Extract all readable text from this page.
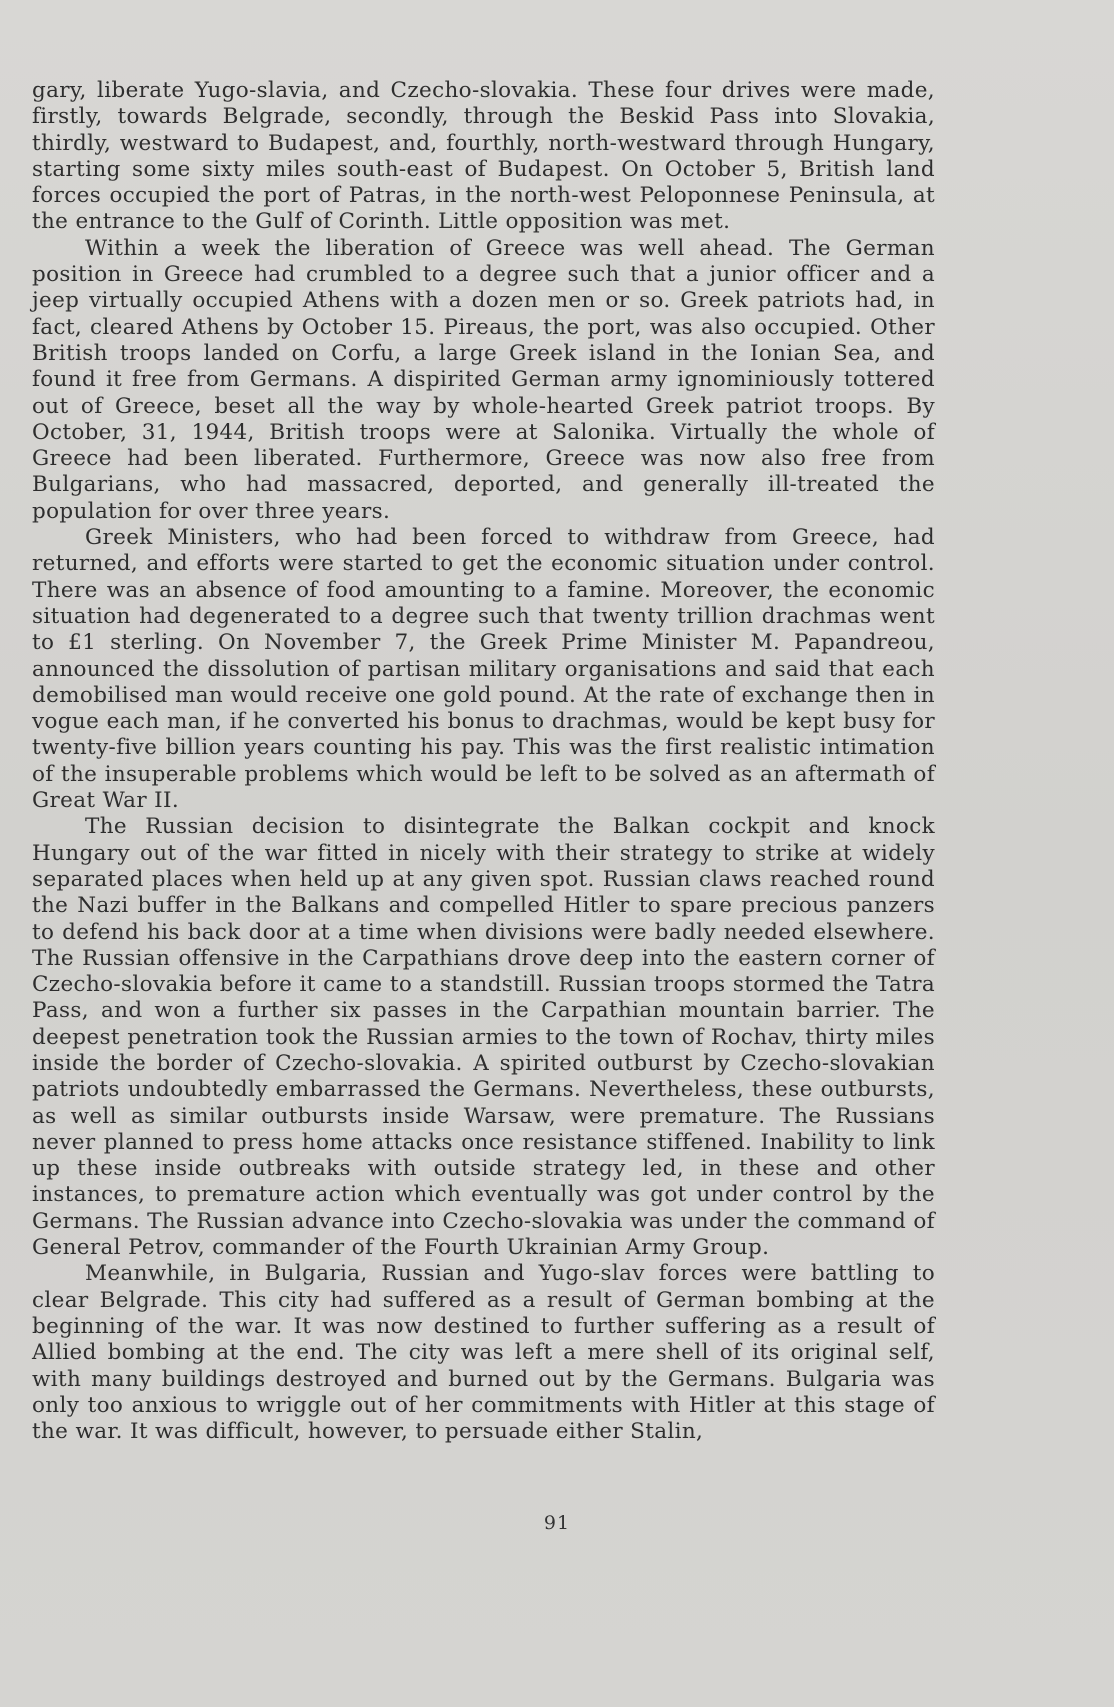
gary, liberate Yugo-slavia, and Czecho-slovakia. These four drives were made, firstly, towards Belgrade, secondly, through the Beskid Pass into Slovakia, thirdly, westward to Budapest, and, fourthly, north-westward through Hungary, starting some sixty miles south-east of Budapest. On October 5, British land forces occupied the port of Patras, in the north-west Peloponnese Peninsula, at the entrance to the Gulf of Corinth. Little opposition was met.

Within a week the liberation of Greece was well ahead. The German position in Greece had crumbled to a degree such that a junior officer and a jeep virtually occupied Athens with a dozen men or so. Greek patriots had, in fact, cleared Athens by October 15. Pireaus, the port, was also occupied. Other British troops landed on Corfu, a large Greek island in the Ionian Sea, and found it free from Germans. A dispirited German army ignominiously tottered out of Greece, beset all the way by whole-hearted Greek patriot troops. By October, 31, 1944, British troops were at Salonika. Virtually the whole of Greece had been liberated. Furthermore, Greece was now also free from Bulgarians, who had massacred, deported, and generally ill-treated the population for over three years.

Greek Ministers, who had been forced to withdraw from Greece, had returned, and efforts were started to get the economic situation under control. There was an absence of food amounting to a famine. Moreover, the economic situation had degenerated to a degree such that twenty trillion drachmas went to £1 sterling. On November 7, the Greek Prime Minister M. Papandreou, announced the dissolution of partisan military organisations and said that each demobilised man would receive one gold pound. At the rate of exchange then in vogue each man, if he converted his bonus to drachmas, would be kept busy for twenty-five billion years counting his pay. This was the first realistic intimation of the insuperable problems which would be left to be solved as an aftermath of Great War II.

The Russian decision to disintegrate the Balkan cockpit and knock Hungary out of the war fitted in nicely with their strategy to strike at widely separated places when held up at any given spot. Russian claws reached round the Nazi buffer in the Balkans and compelled Hitler to spare precious panzers to defend his back door at a time when divisions were badly needed elsewhere. The Russian offensive in the Carpathians drove deep into the eastern corner of Czecho-slovakia before it came to a standstill. Russian troops stormed the Tatra Pass, and won a further six passes in the Carpathian mountain barrier. The deepest penetration took the Russian armies to the town of Rochav, thirty miles inside the border of Czecho-slovakia. A spirited outburst by Czecho-slovakian patriots undoubtedly embarrassed the Germans. Nevertheless, these outbursts, as well as similar outbursts inside Warsaw, were premature. The Russians never planned to press home attacks once resistance stiffened. Inability to link up these inside outbreaks with outside strategy led, in these and other instances, to premature action which eventually was got under control by the Germans. The Russian advance into Czecho-slovakia was under the command of General Petrov, commander of the Fourth Ukrainian Army Group.

Meanwhile, in Bulgaria, Russian and Yugo-slav forces were battling to clear Belgrade. This city had suffered as a result of German bombing at the beginning of the war. It was now destined to further suffering as a result of Allied bombing at the end. The city was left a mere shell of its original self, with many buildings destroyed and burned out by the Germans. Bulgaria was only too anxious to wriggle out of her commitments with Hitler at this stage of the war. It was difficult, however, to persuade either Stalin,

91
